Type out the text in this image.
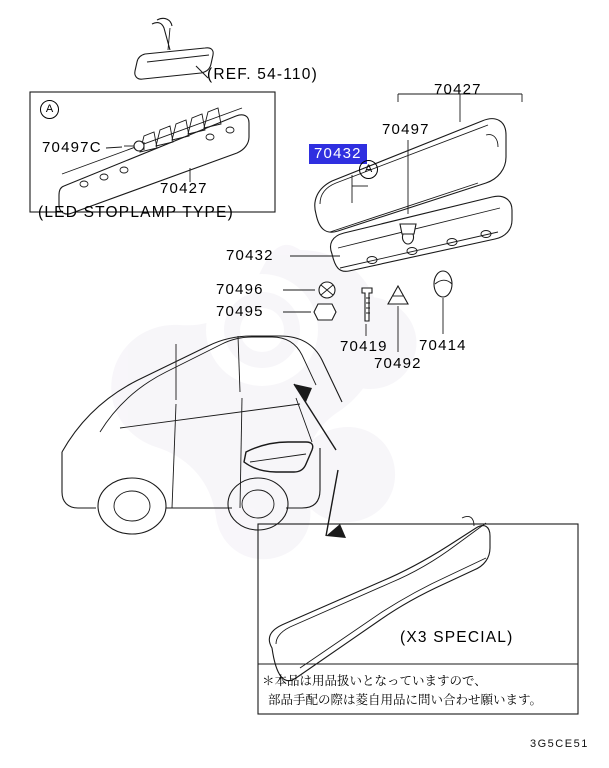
(REF. 54-110)
A
70497C
70427
(LED STOPLAMP TYPE)
70427
70497
70432
A
70432
70496
70495
70419
70492
70414
(X3 SPECIAL)
＊本品は用品扱いとなっていますので、
部品手配の際は菱自用品に問い合わせ願います。
3G5CE51
